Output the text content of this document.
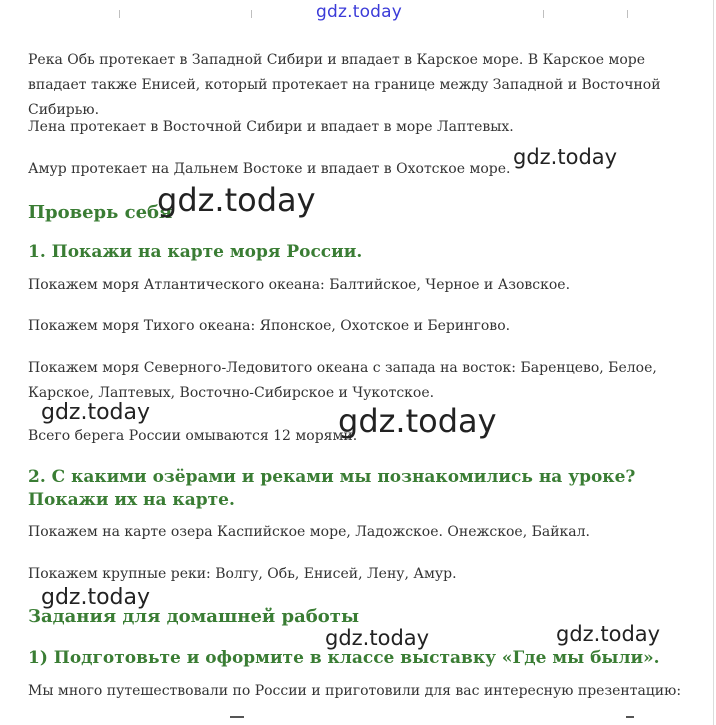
gdz.today

Река Обь протекает в Западной Сибири и впадает в Карское море. В Карское море впадает также Енисей, который протекает на границе между Западной и Восточной Сибирью.

Лена протекает в Восточной Сибири и впадает в море Лаптевых.

Амур протекает на Дальнем Востоке и впадает в Охотское море.

Проверь себя
1. Покажи на карте моря России.

Покажем моря Атлантического океана: Балтийское, Черное и Азовское.

Покажем моря Тихого океана: Японское, Охотское и Берингово.

Покажем моря Северного-Ледовитого океана с запада на восток: Баренцево, Белое, Карское, Лаптевых, Восточно-Сибирское и Чукотское.

Всего берега России омываются 12 морями.

2. С какими озёрами и реками мы познакомились на уроке? Покажи их на карте.

Покажем на карте озера Каспийское море, Ладожское. Онежское, Байкал.

Покажем крупные реки: Волгу, Обь, Енисей, Лену, Амур.

Задания для домашней работы
1) Подготовьте и оформите в классе выставку «Где мы были».

Мы много путешествовали по России и приготовили для вас интересную презентацию:

gdz.today
gdz.today
gdz.today	gdz.today
gdz.today
gdz.today	gdz.today
